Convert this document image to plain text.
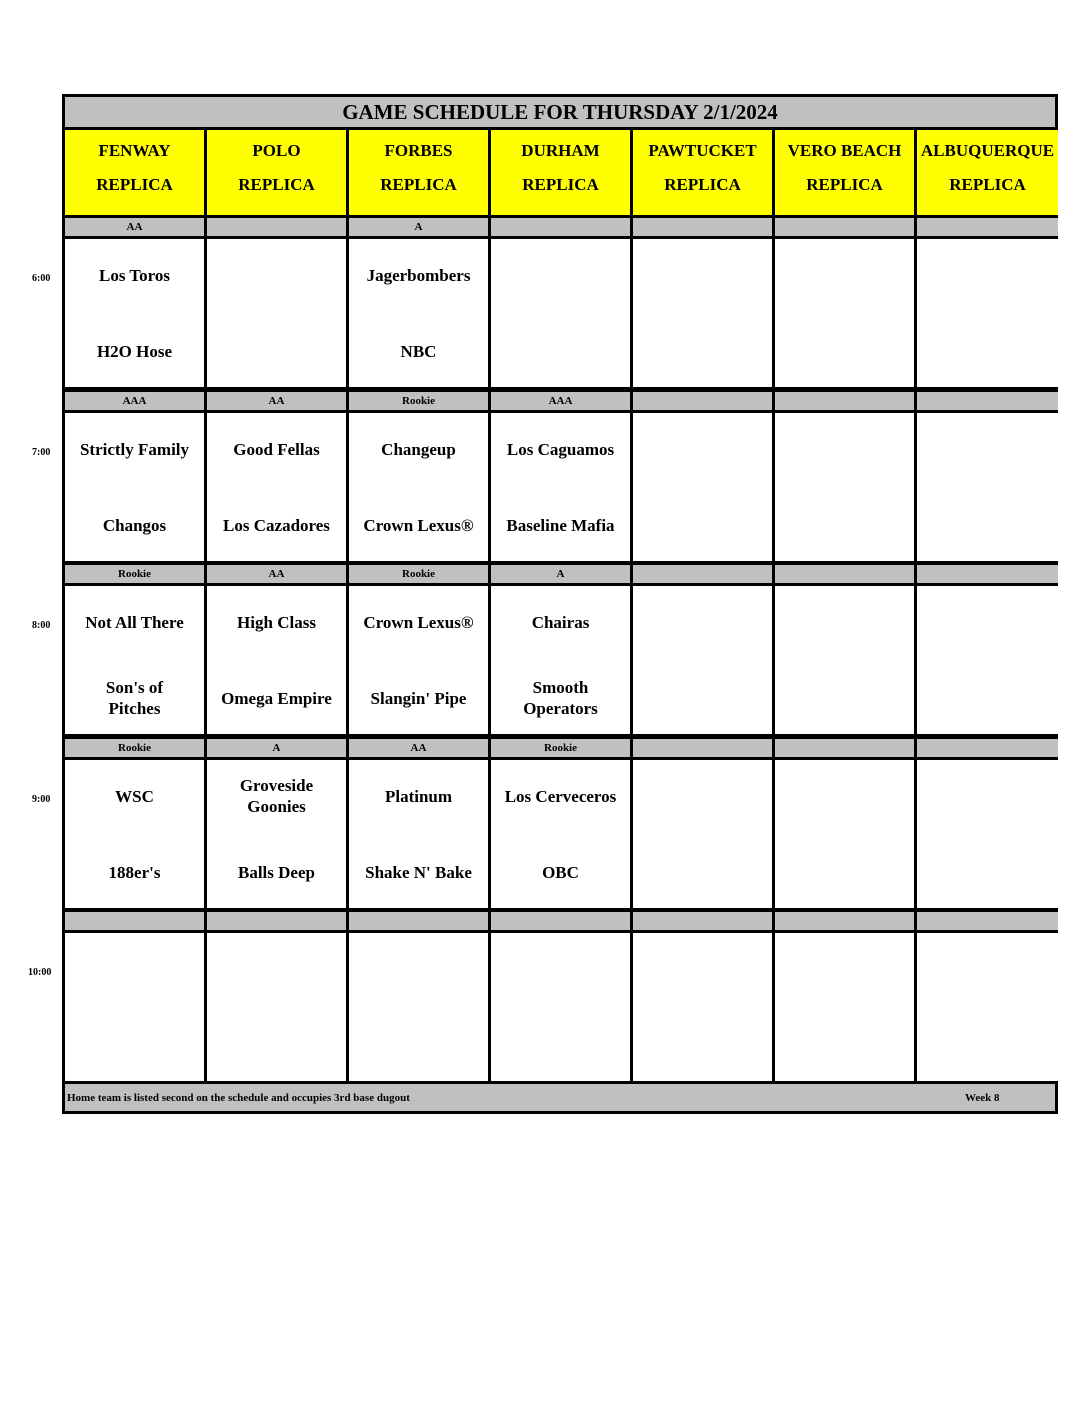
6:00
7:00
8:00
9:00
10:00
GAME SCHEDULE FOR THURSDAY 2/1/2024
Home team is listed second on the schedule and occupies 3rd base dugout	Week 8
FENWAY
REPLICA
POLO
REPLICA
FORBES
REPLICA
DURHAM
REPLICA
PAWTUCKET
REPLICA
VERO BEACH
REPLICA
ALBUQUERQUE
REPLICA
AA
Los Toros
H2O Hose
A
Jagerbombers
NBC
AAA
Strictly Family
Changos
AA
Good Fellas
Los Cazadores
Rookie
Changeup
Crown Lexus®
AAA
Los Caguamos
Baseline Mafia
Rookie
Not All There
Son's of Pitches
AA
High Class
Omega Empire
Rookie
Crown Lexus®
Slangin' Pipe
A
Chairas
Smooth Operators
Rookie
WSC
188er's
A
Groveside Goonies
Balls Deep
AA
Platinum
Shake N' Bake
Rookie
Los Cerveceros
OBC
